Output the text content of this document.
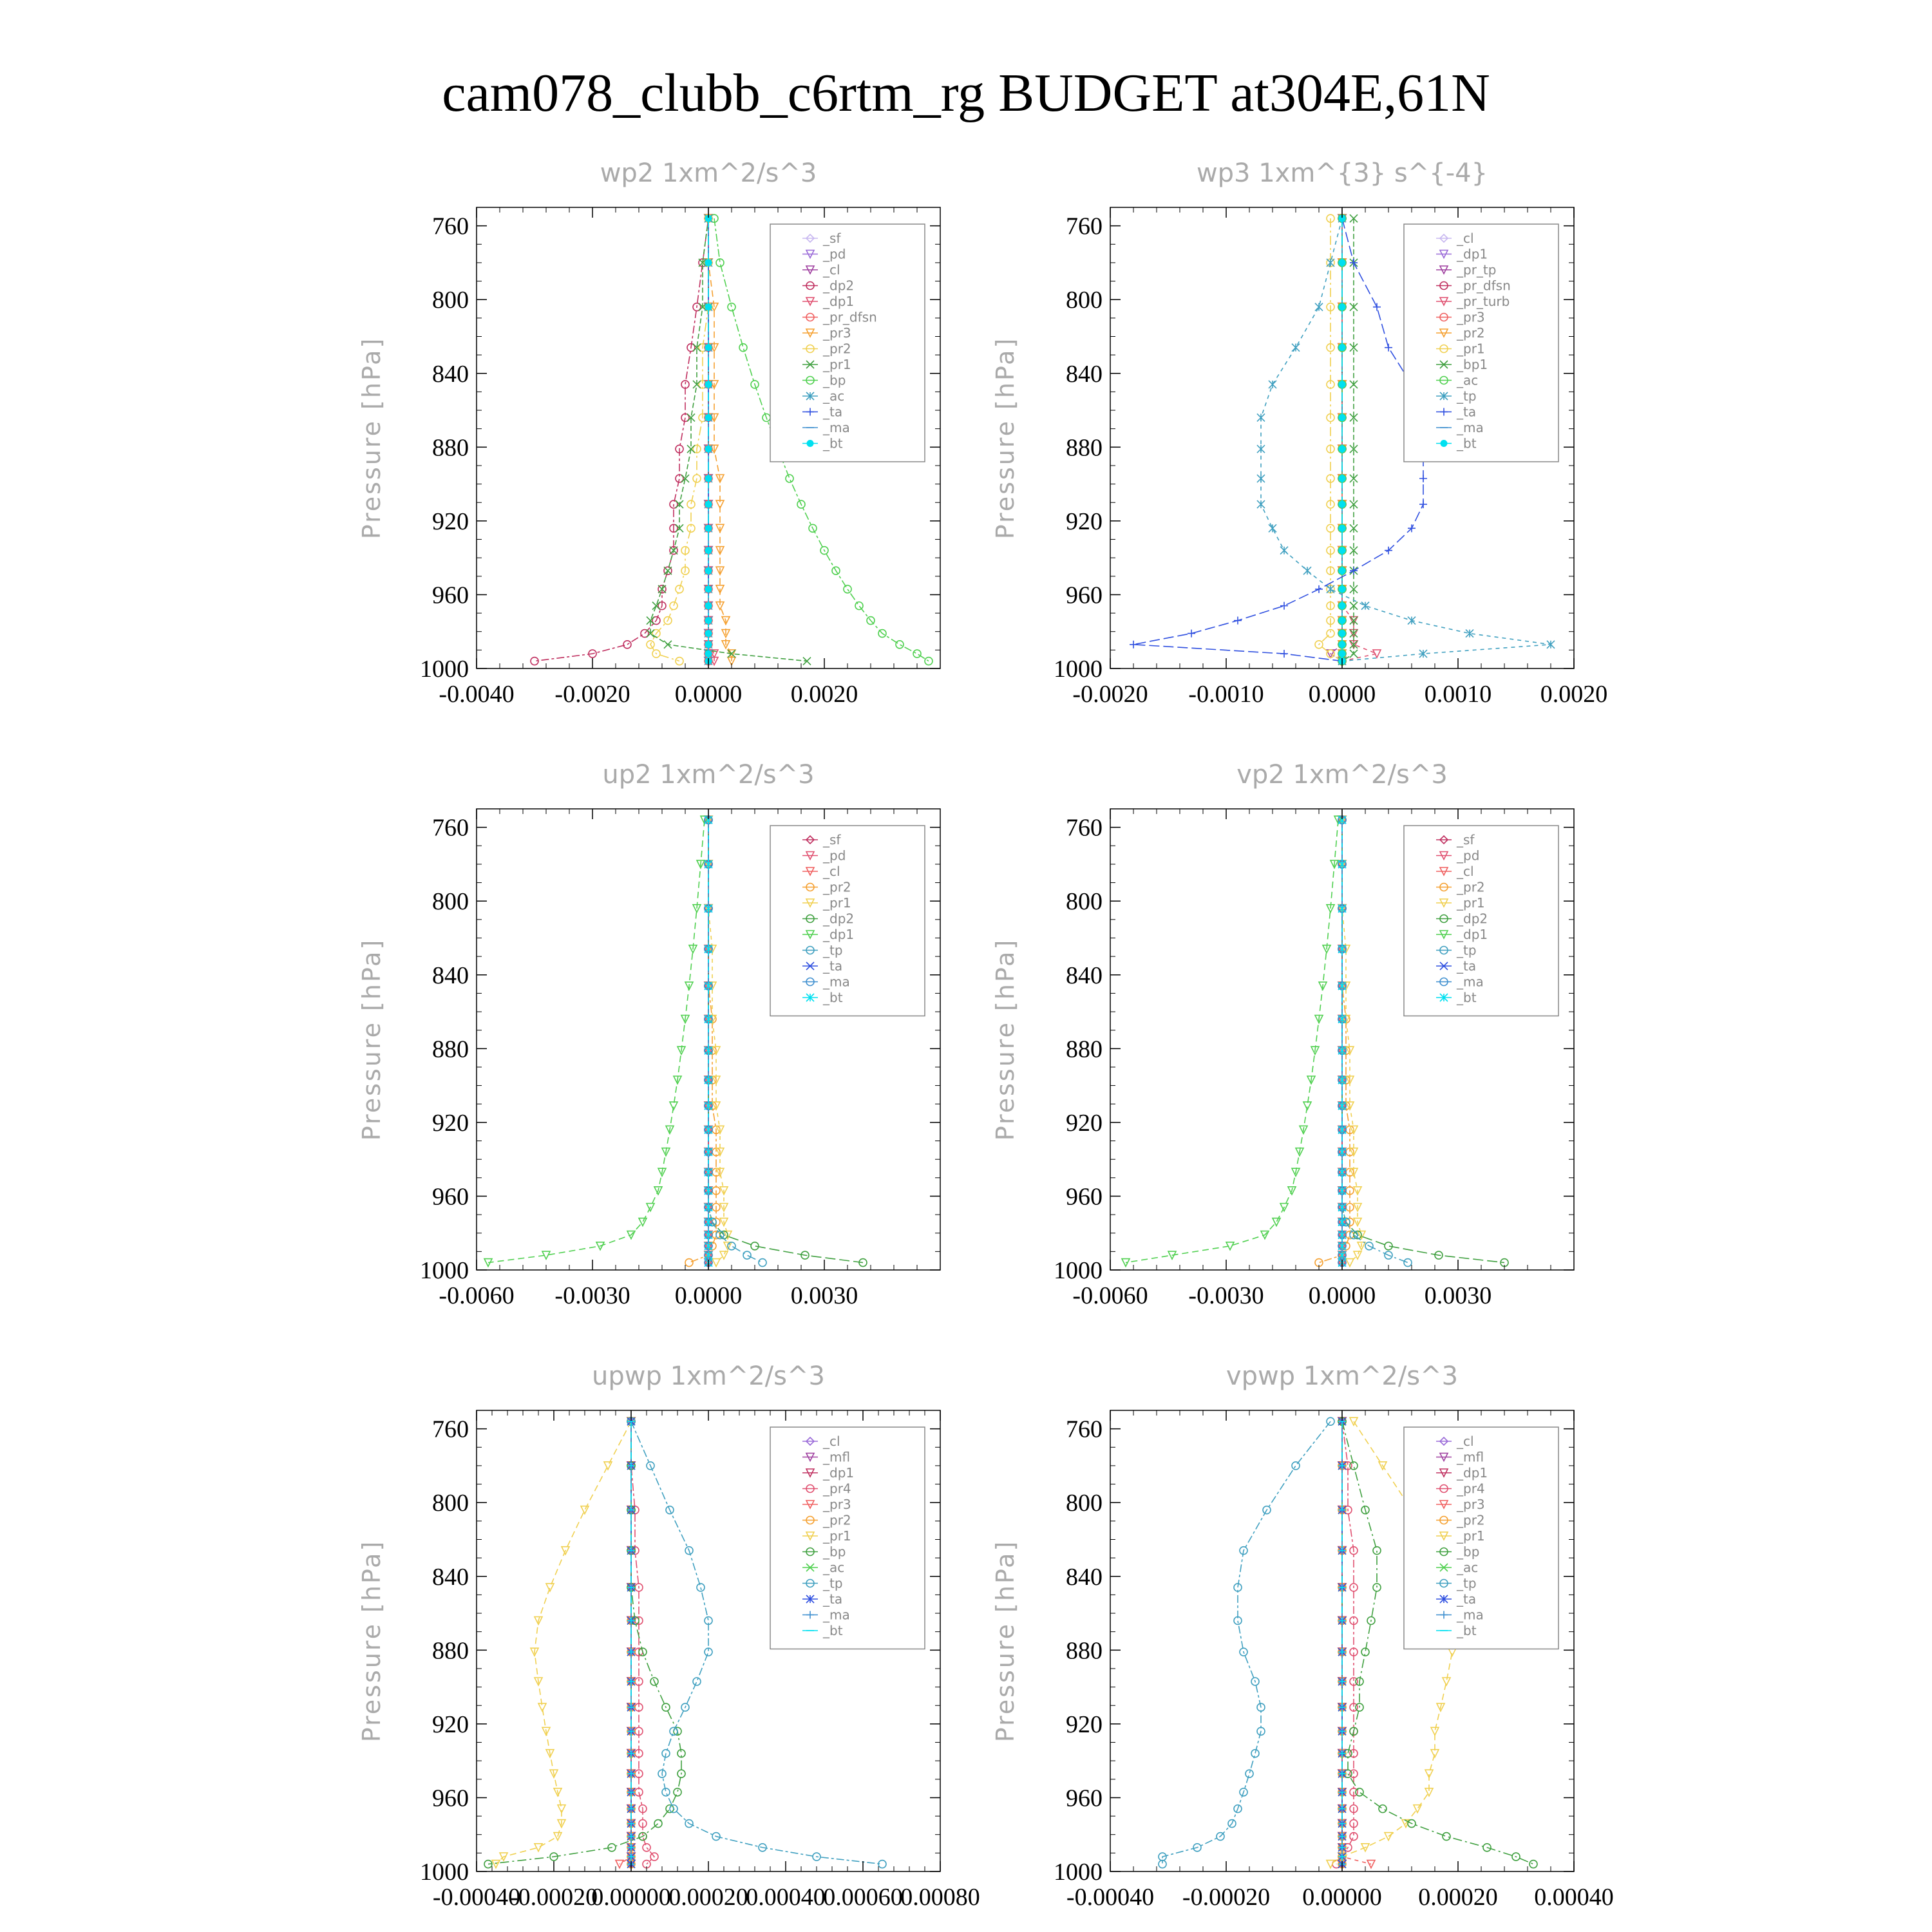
cam078_clubb_c6rtm_rg BUDGET at304E,61N
wp2 1xm^2/s^3
Pressure [hPa]
760
800
840
880
920
960
1000
-0.0040 -0.0020 0.0000 0.0020
_sf
_pd
_cl
_dp2
_dp1
_pr_dfsn
_pr3
_pr2
_pr1
_bp
_ac
_ta
_ma
_bt
wp3 1xm^{3} s^{-4}
Pressure [hPa]
760
800
840
880
920
960
1000
-0.0020 -0.0010 0.0000 0.0010 0.0020
_cl
_dp1
_pr_tp
_pr_dfsn
_pr_turb
_pr3
_pr2
_pr1
_bp1
_ac
_tp
_ta
_ma
_bt
up2 1xm^2/s^3
Pressure [hPa]
760
800
840
880
920
960
1000
-0.0060 -0.0030 0.0000 0.0030
_sf
_pd
_cl
_pr2
_pr1
_dp2
_dp1
_tp
_ta
_ma
_bt
vp2 1xm^2/s^3
Pressure [hPa]
760
800
840
880
920
960
1000
-0.0060 -0.0030 0.0000 0.0030
_sf
_pd
_cl
_pr2
_pr1
_dp2
_dp1
_tp
_ta
_ma
_bt
upwp 1xm^2/s^3
Pressure [hPa]
760
800
840
880
920
960
1000
-0.00040
-0.00020
0.00000
0.00020
0.00040
0.00060
0.00080
_cl
_mfl
_dp1
_pr4
_pr3
_pr2
_pr1
_bp
_ac
_tp
_ta
_ma
_bt
vpwp 1xm^2/s^3
Pressure [hPa]
760
800
840
880
920
960
1000
-0.00040 -0.00020 0.00000 0.00020 0.00040
_cl
_mfl
_dp1
_pr4
_pr3
_pr2
_pr1
_bp
_ac
_tp
_ta
_ma
_bt
